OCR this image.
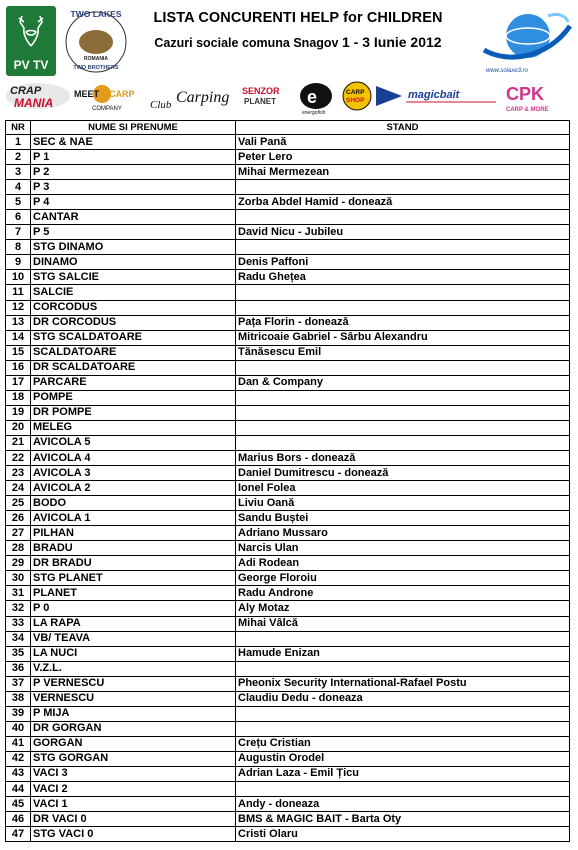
PV TV
TWO LAKES
ROMANIA
TWO BROTHERS
LISTA CONCURENTI HELP for CHILDREN
Cazuri sociale comuna Snagov 1 - 3 Iunie 2012
www.solaxe3.ro
CRAP
MANIA
MEET CARP
COMPANY	Club Carping SENZOR
PLANET e
energofish
CARP
SHOP	magicbait	CPK
CARP & MORE
NR	NUME SI PRENUME	STAND
1	SEC & NAE	Vali Pană
2	P 1	Peter Lero
3	P 2	Mihai Mermezean
4	P 3	
5	P 4	Zorba Abdel Hamid - donează
6	CANTAR	
7	P 5	David Nicu - Jubileu
8	STG DINAMO	
9	DINAMO	Denis Paffoni
10	STG SALCIE	Radu Ghețea
11	SALCIE	
12	CORCODUS	
13	DR CORCODUS	Pața Florin - donează
14	STG SCALDATOARE	Mitricoaie Gabriel - Sârbu Alexandru
15	SCALDATOARE	Tănăsescu Emil
16	DR SCALDATOARE	
17	PARCARE	Dan & Company
18	POMPE	
19	DR POMPE	
20	MELEG	
21	AVICOLA 5	
22	AVICOLA 4	Marius Bors - donează
23	AVICOLA 3	Daniel Dumitrescu - donează
24	AVICOLA 2	Ionel Folea
25	BODO	Liviu Oană
26	AVICOLA 1	Sandu Buștei
27	PILHAN	Adriano Mussaro
28	BRADU	Narcis Ulan
29	DR BRADU	Adi Rodean
30	STG PLANET	George Floroiu
31	PLANET	Radu Androne
32	P 0	Aly Motaz
33	LA RAPA	Mihai Vâlcă
34	VB/ TEAVA	
35	LA NUCI	Hamude Enizan
36	V.Z.L.	
37	P VERNESCU	Pheonix Security International-Rafael Postu
38	VERNESCU	Claudiu Dedu - doneaza
39	P MIJA	
40	DR GORGAN	
41	GORGAN	Crețu Cristian
42	STG GORGAN	Augustin Orodel
43	VACI 3	Adrian Laza - Emil Țicu
44	VACI 2	
45	VACI 1	Andy - doneaza
46	DR VACI 0	BMS & MAGIC BAIT - Barta Oty
47	STG VACI 0	Cristi Olaru
